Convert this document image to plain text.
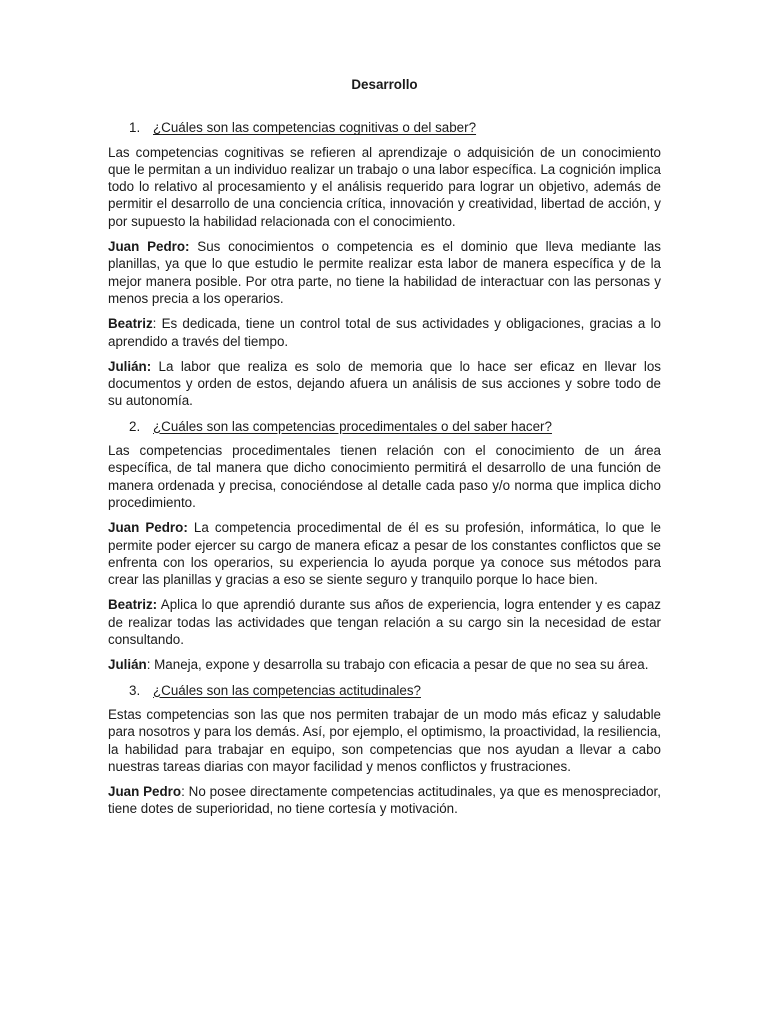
Desarrollo
1. ¿Cuáles son las competencias cognitivas o del saber?

Las competencias cognitivas se refieren al aprendizaje o adquisición de un conocimiento que le permitan a un individuo realizar un trabajo o una labor específica. La cognición implica todo lo relativo al procesamiento y el análisis requerido para lograr un objetivo, además de permitir el desarrollo de una conciencia crítica, innovación y creatividad, libertad de acción, y por supuesto la habilidad relacionada con el conocimiento.

Juan Pedro: Sus conocimientos o competencia es el dominio que lleva mediante las planillas, ya que lo que estudio le permite realizar esta labor de manera específica y de la mejor manera posible. Por otra parte, no tiene la habilidad de interactuar con las personas y menos precia a los operarios.

Beatriz: Es dedicada, tiene un control total de sus actividades y obligaciones, gracias a lo aprendido a través del tiempo.

Julián: La labor que realiza es solo de memoria que lo hace ser eficaz en llevar los documentos y orden de estos, dejando afuera un análisis de sus acciones y sobre todo de su autonomía.

2. ¿Cuáles son las competencias procedimentales o del saber hacer?

Las competencias procedimentales tienen relación con el conocimiento de un área específica, de tal manera que dicho conocimiento permitirá el desarrollo de una función de manera ordenada y precisa, conociéndose al detalle cada paso y/o norma que implica dicho procedimiento.

Juan Pedro: La competencia procedimental de él es su profesión, informática, lo que le permite poder ejercer su cargo de manera eficaz a pesar de los constantes conflictos que se enfrenta con los operarios, su experiencia lo ayuda porque ya conoce sus métodos para crear las planillas y gracias a eso se siente seguro y tranquilo porque lo hace bien.

Beatriz: Aplica lo que aprendió durante sus años de experiencia, logra entender y es capaz de realizar todas las actividades que tengan relación a su cargo sin la necesidad de estar consultando.

Julián: Maneja, expone y desarrolla su trabajo con eficacia a pesar de que no sea su área.

3. ¿Cuáles son las competencias actitudinales?

Estas competencias son las que nos permiten trabajar de un modo más eficaz y saludable para nosotros y para los demás. Así, por ejemplo, el optimismo, la proactividad, la resiliencia, la habilidad para trabajar en equipo, son competencias que nos ayudan a llevar a cabo nuestras tareas diarias con mayor facilidad y menos conflictos y frustraciones.

Juan Pedro: No posee directamente competencias actitudinales, ya que es menospreciador, tiene dotes de superioridad, no tiene cortesía y motivación.
